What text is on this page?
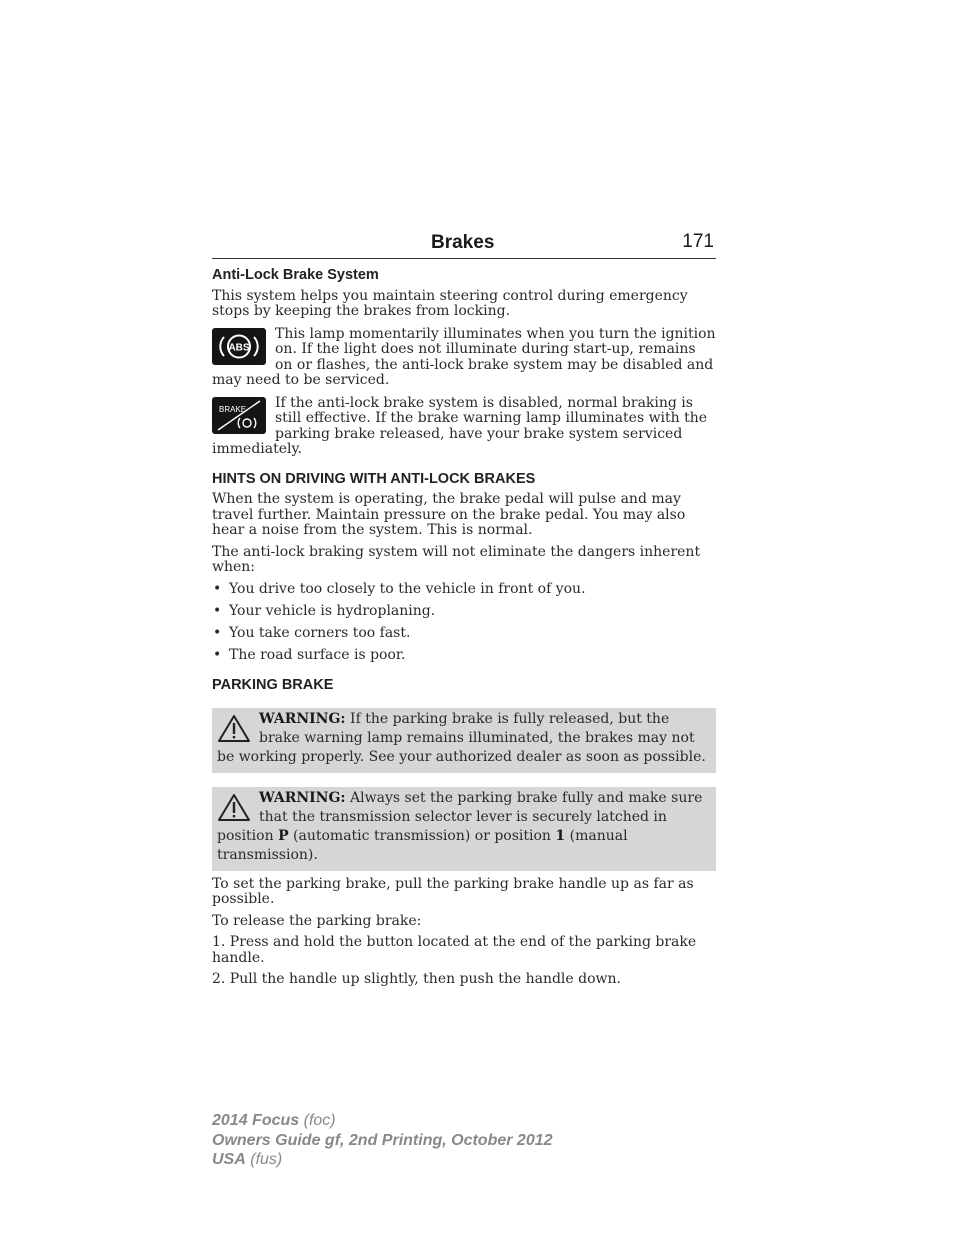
Brakes	171
Anti-Lock Brake System

This system helps you maintain steering control during emergency stops by keeping the brakes from locking.

ABS

This lamp momentarily illuminates when you turn the ignition on. If the light does not illuminate during start-up, remains on or flashes, the anti-lock brake system may be disabled and may need to be serviced.

BRAKE	If the anti-lock brake system is disabled, normal braking is still effective. If the brake warning lamp illuminates with the parking brake released, have your brake system serviced immediately.

HINTS ON DRIVING WITH ANTI-LOCK BRAKES

When the system is operating, the brake pedal will pulse and may travel further. Maintain pressure on the brake pedal. You may also hear a noise from the system. This is normal.

The anti-lock braking system will not eliminate the dangers inherent when:

• You drive too closely to the vehicle in front of you.
• Your vehicle is hydroplaning.
• You take corners too fast.
• The road surface is poor.
PARKING BRAKE
WARNING: If the parking brake is fully released, but the brake warning lamp remains illuminated, the brakes may not be working properly. See your authorized dealer as soon as possible.
WARNING: Always set the parking brake fully and make sure that the transmission selector lever is securely latched in position P (automatic transmission) or position 1 (manual transmission).

To set the parking brake, pull the parking brake handle up as far as possible.

To release the parking brake:

1. Press and hold the button located at the end of the parking brake handle.

2. Pull the handle up slightly, then push the handle down.

2014 Focus (foc)
Owners Guide gf, 2nd Printing, October 2012
USA (fus)
